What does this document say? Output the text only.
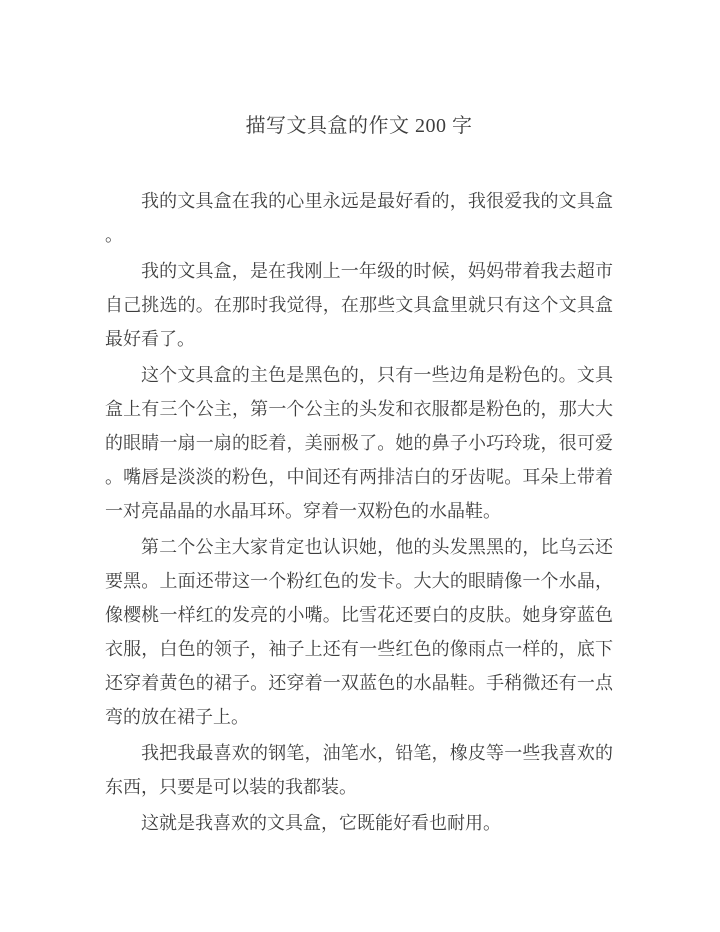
描写文具盒的作文 200 字

我的文具盒在我的心里永远是最好看的，我很爱我的文具盒。

我的文具盒，是在我刚上一年级的时候，妈妈带着我去超市自己挑选的。在那时我觉得，在那些文具盒里就只有这个文具盒最好看了。

这个文具盒的主色是黑色的，只有一些边角是粉色的。文具盒上有三个公主，第一个公主的头发和衣服都是粉色的，那大大的眼睛一扇一扇的眨着，美丽极了。她的鼻子小巧玲珑，很可爱。嘴唇是淡淡的粉色，中间还有两排洁白的牙齿呢。耳朵上带着一对亮晶晶的水晶耳环。穿着一双粉色的水晶鞋。

第二个公主大家肯定也认识她，他的头发黑黑的，比乌云还要黑。上面还带这一个粉红色的发卡。大大的眼睛像一个水晶，像樱桃一样红的发亮的小嘴。比雪花还要白的皮肤。她身穿蓝色衣服，白色的领子，袖子上还有一些红色的像雨点一样的，底下还穿着黄色的裙子。还穿着一双蓝色的水晶鞋。手稍微还有一点弯的放在裙子上。

我把我最喜欢的钢笔，油笔水，铅笔，橡皮等一些我喜欢的东西，只要是可以装的我都装。

这就是我喜欢的文具盒，它既能好看也耐用。
